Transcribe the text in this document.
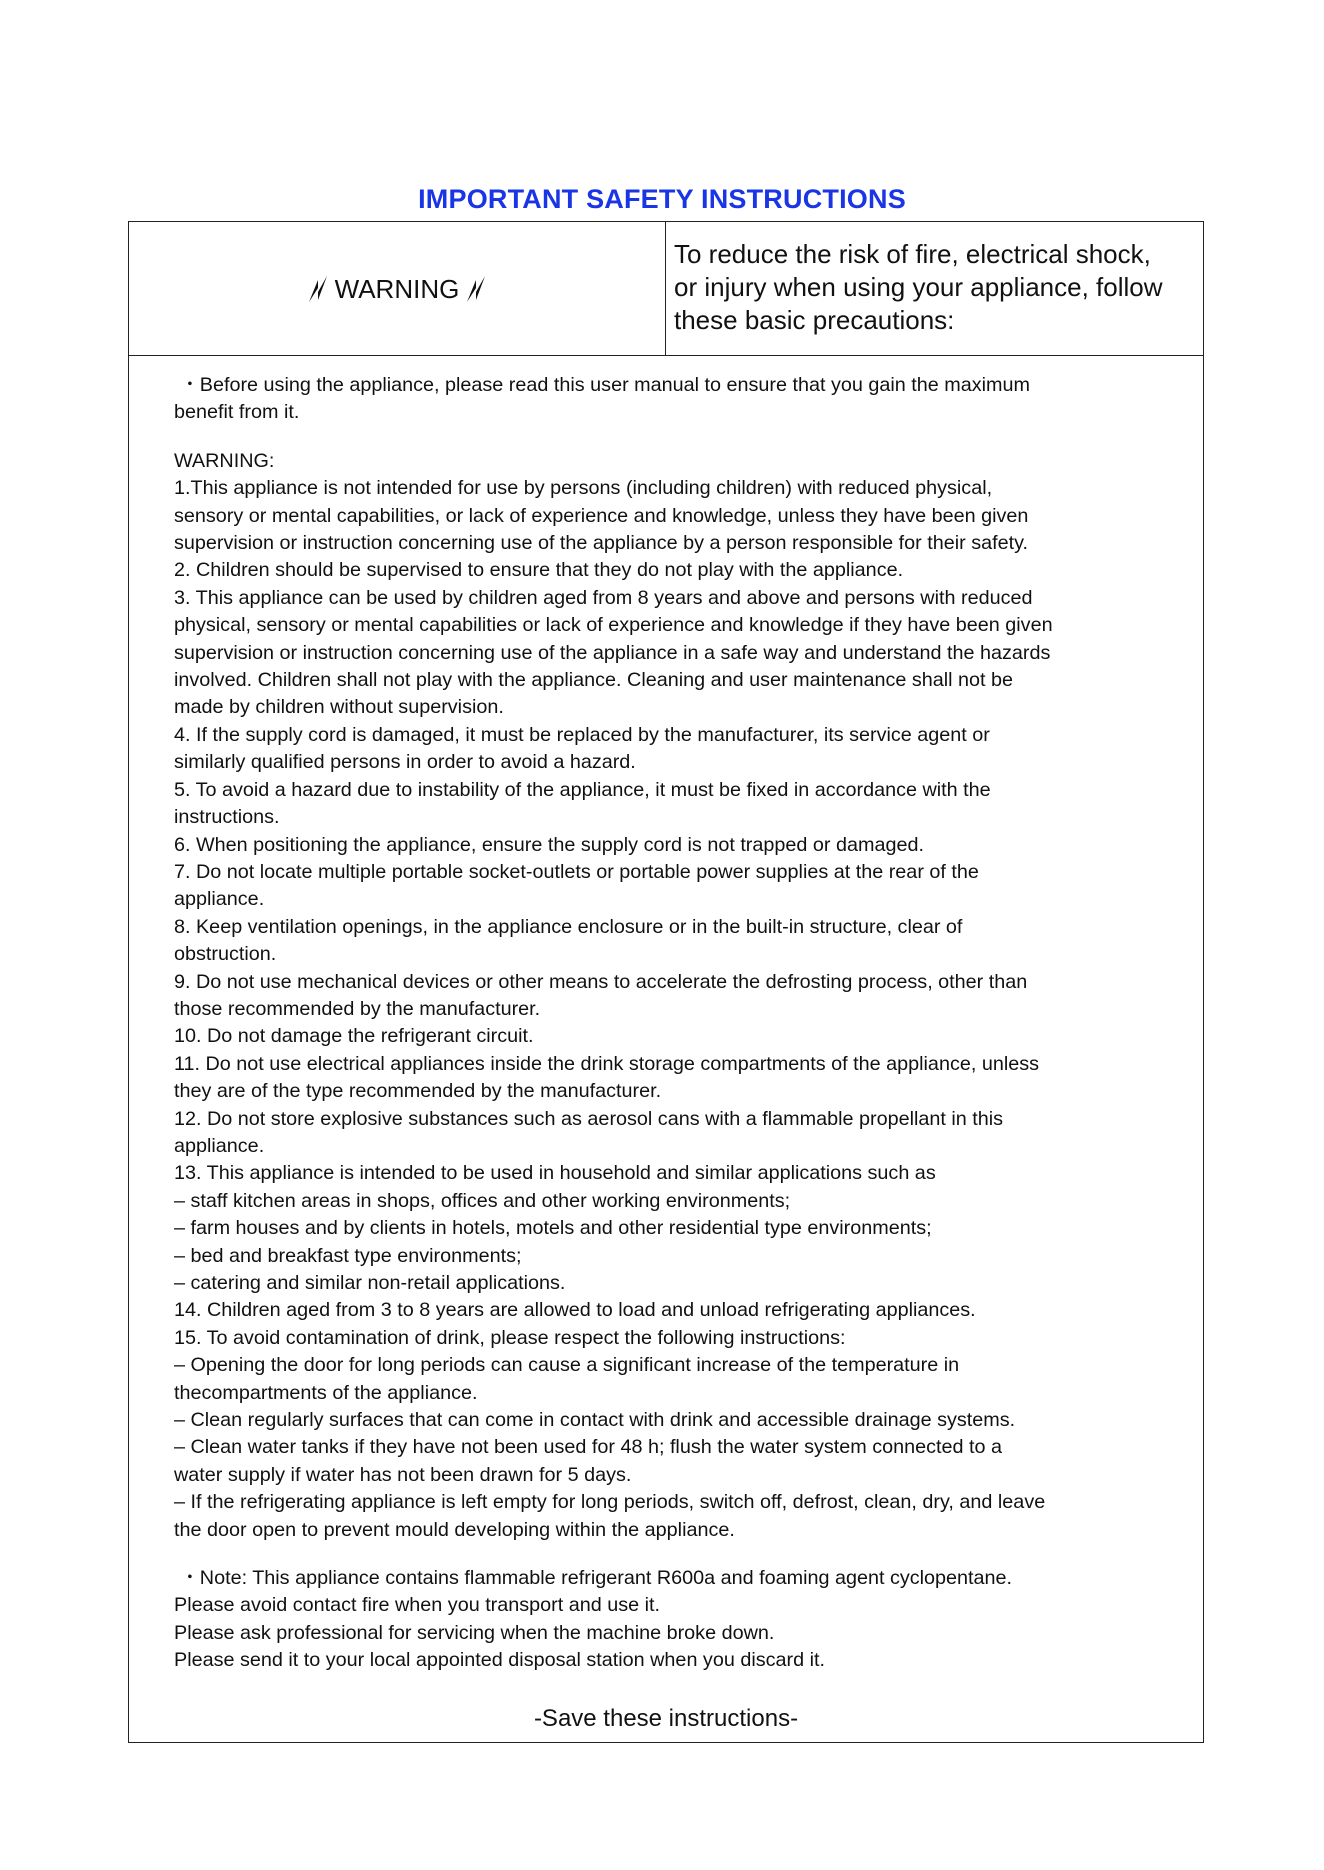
IMPORTANT SAFETY INSTRUCTIONS
WARNING

To reduce the risk of fire, electrical shock,

or injury when using your appliance, follow

these basic precautions:

・Before using the appliance, please read this user manual to ensure that you gain the maximum

benefit from it.

WARNING:

1.This appliance is not intended for use by persons (including children) with reduced physical,

sensory or mental capabilities, or lack of experience and knowledge, unless they have been given

supervision or instruction concerning use of the appliance by a person responsible for their safety.

2. Children should be supervised to ensure that they do not play with the appliance.

3. This appliance can be used by children aged from 8 years and above and persons with reduced

physical, sensory or mental capabilities or lack of experience and knowledge if they have been given

supervision or instruction concerning use of the appliance in a safe way and understand the hazards

involved. Children shall not play with the appliance. Cleaning and user maintenance shall not be

made by children without supervision.

4. If the supply cord is damaged, it must be replaced by the manufacturer, its service agent or

similarly qualified persons in order to avoid a hazard.

5. To avoid a hazard due to instability of the appliance, it must be fixed in accordance with the

instructions.

6. When positioning the appliance, ensure the supply cord is not trapped or damaged.

7. Do not locate multiple portable socket-outlets or portable power supplies at the rear of the

appliance.

8. Keep ventilation openings, in the appliance enclosure or in the built-in structure, clear of

obstruction.

9. Do not use mechanical devices or other means to accelerate the defrosting process, other than

those recommended by the manufacturer.

10. Do not damage the refrigerant circuit.

11. Do not use electrical appliances inside the drink storage compartments of the appliance, unless

they are of the type recommended by the manufacturer.

12. Do not store explosive substances such as aerosol cans with a flammable propellant in this

appliance.

13. This appliance is intended to be used in household and similar applications such as

– staff kitchen areas in shops, offices and other working environments;

– farm houses and by clients in hotels, motels and other residential type environments;

– bed and breakfast type environments;

– catering and similar non-retail applications.

14. Children aged from 3 to 8 years are allowed to load and unload refrigerating appliances.

15. To avoid contamination of drink, please respect the following instructions:

– Opening the door for long periods can cause a significant increase of the temperature in

thecompartments of the appliance.

– Clean regularly surfaces that can come in contact with drink and accessible drainage systems.

– Clean water tanks if they have not been used for 48 h; flush the water system connected to a

water supply if water has not been drawn for 5 days.

– If the refrigerating appliance is left empty for long periods, switch off, defrost, clean, dry, and leave

the door open to prevent mould developing within the appliance.

・Note: This appliance contains flammable refrigerant R600a and foaming agent cyclopentane.

Please avoid contact fire when you transport and use it.

Please ask professional for servicing when the machine broke down.

Please send it to your local appointed disposal station when you discard it.

-Save these instructions-
